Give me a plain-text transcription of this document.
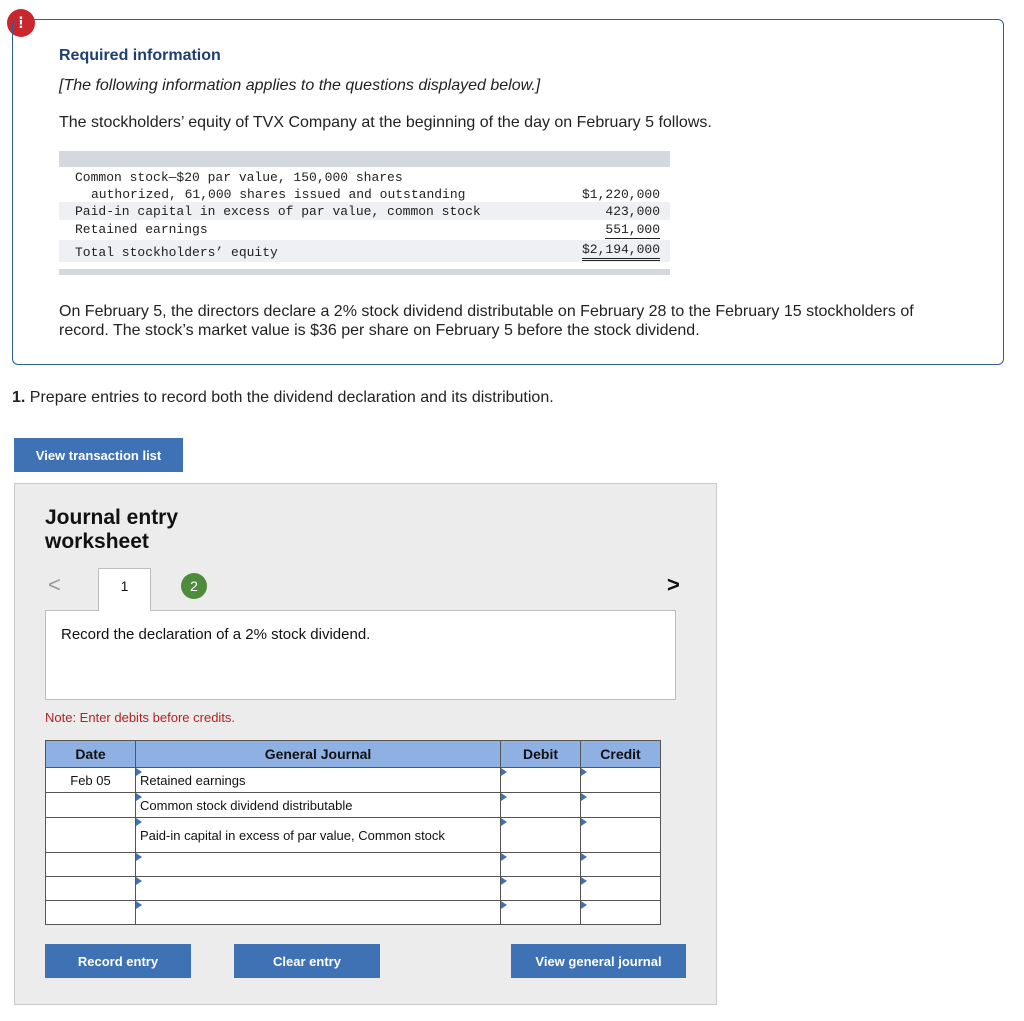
!
Required information
[The following information applies to the questions displayed below.]
The stockholders’ equity of TVX Company at the beginning of the day on February 5 follows.
Common stock—$20 par value, 150,000 shares
authorized, 61,000 shares issued and outstanding	$1,220,000
Paid-in capital in excess of par value, common stock	423,000
Retained earnings	551,000
Total stockholders’ equity	$2,194,000
On February 5, the directors declare a 2% stock dividend distributable on February 28 to the February 15 stockholders of record. The stock’s market value is $36 per share on February 5 before the stock dividend.
1. Prepare entries to record both the dividend declaration and its distribution.
View transaction list
Journal entry worksheet
<	1	2	>
Record the declaration of a 2% stock dividend.
Note: Enter debits before credits.
Date	General Journal	Debit	Credit
Feb 05	Retained earnings	

Common stock dividend distributable	

Paid-in capital in excess of par value, Common stock	

Record entry	Clear entry	View general journal
